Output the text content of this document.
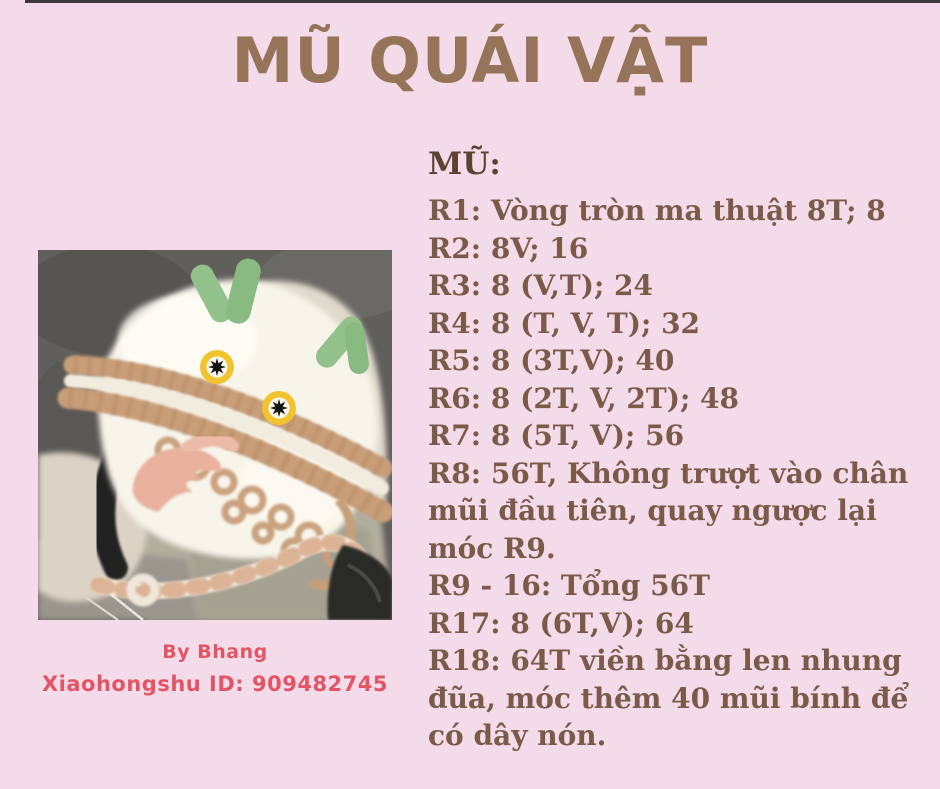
MŨ QUÁI VẬT
By Bhang
Xiaohongshu ID: 909482745
MŨ:

R1: Vòng tròn ma thuật 8T; 8

R2: 8V; 16

R3: 8 (V,T); 24

R4: 8 (T, V, T); 32

R5: 8 (3T,V); 40

R6: 8 (2T, V, 2T); 48

R7: 8 (5T, V); 56

R8: 56T, Không trượt vào chân mũi đầu tiên, quay ngược lại móc R9.

R9 - 16: Tổng 56T

R17: 8 (6T,V); 64

R18: 64T viền bằng len nhung đũa, móc thêm 40 mũi bính để có dây nón.
